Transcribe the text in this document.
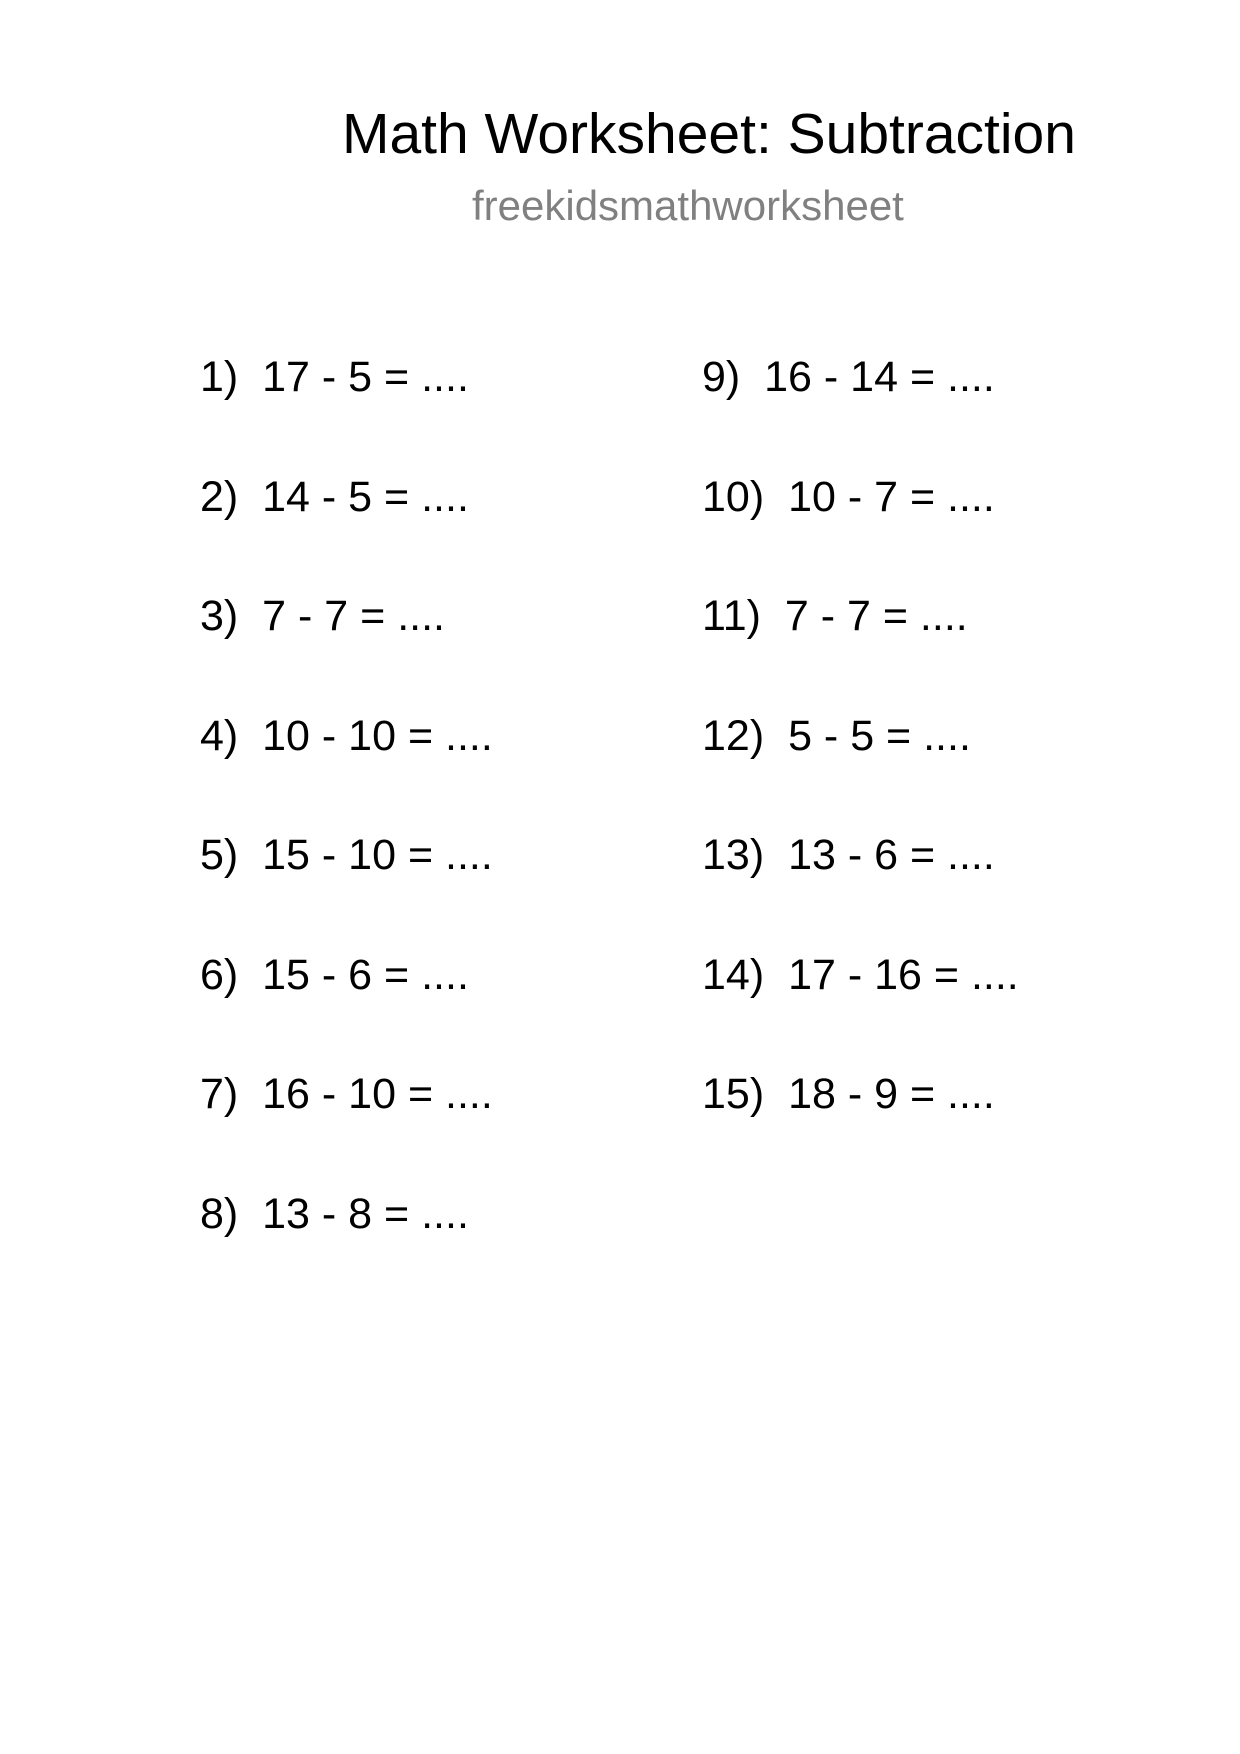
Math Worksheet: Subtraction
freekidsmathworksheet
1) 17 - 5 = ....
2) 14 - 5 = ....
3) 7 - 7 = ....
4) 10 - 10 = ....
5) 15 - 10 = ....
6) 15 - 6 = ....
7) 16 - 10 = ....
8) 13 - 8 = ....
9) 16 - 14 = ....
10) 10 - 7 = ....
11) 7 - 7 = ....
12) 5 - 5 = ....
13) 13 - 6 = ....
14) 17 - 16 = ....
15) 18 - 9 = ....
